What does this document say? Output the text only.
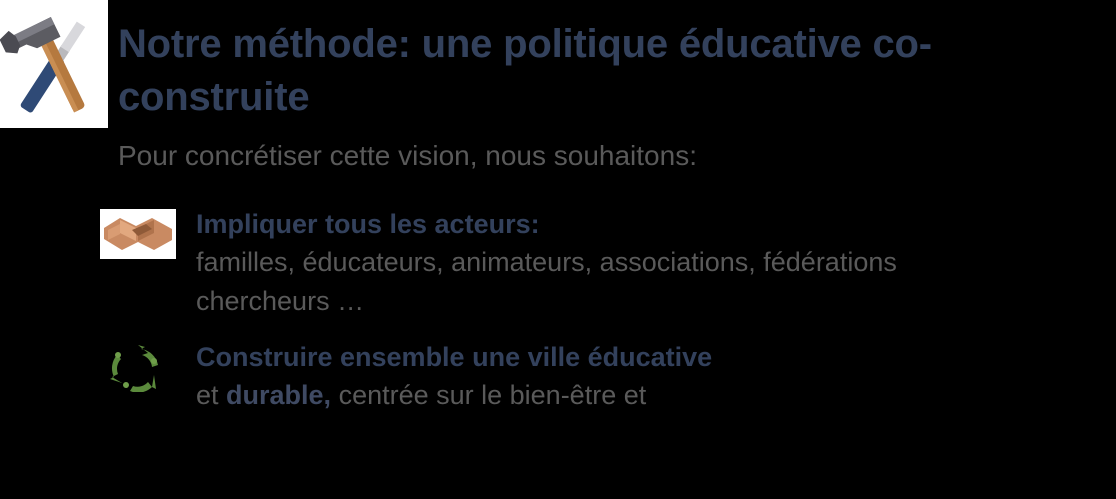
Notre méthode: une politique éducative co-construite
Pour concrétiser cette vision, nous souhaitons:
Impliquer tous les acteurs:
familles, éducateurs, animateurs, associations, fédérations
chercheurs …
Construire ensemble une ville éducative
et durable, centrée sur le bien-être et
